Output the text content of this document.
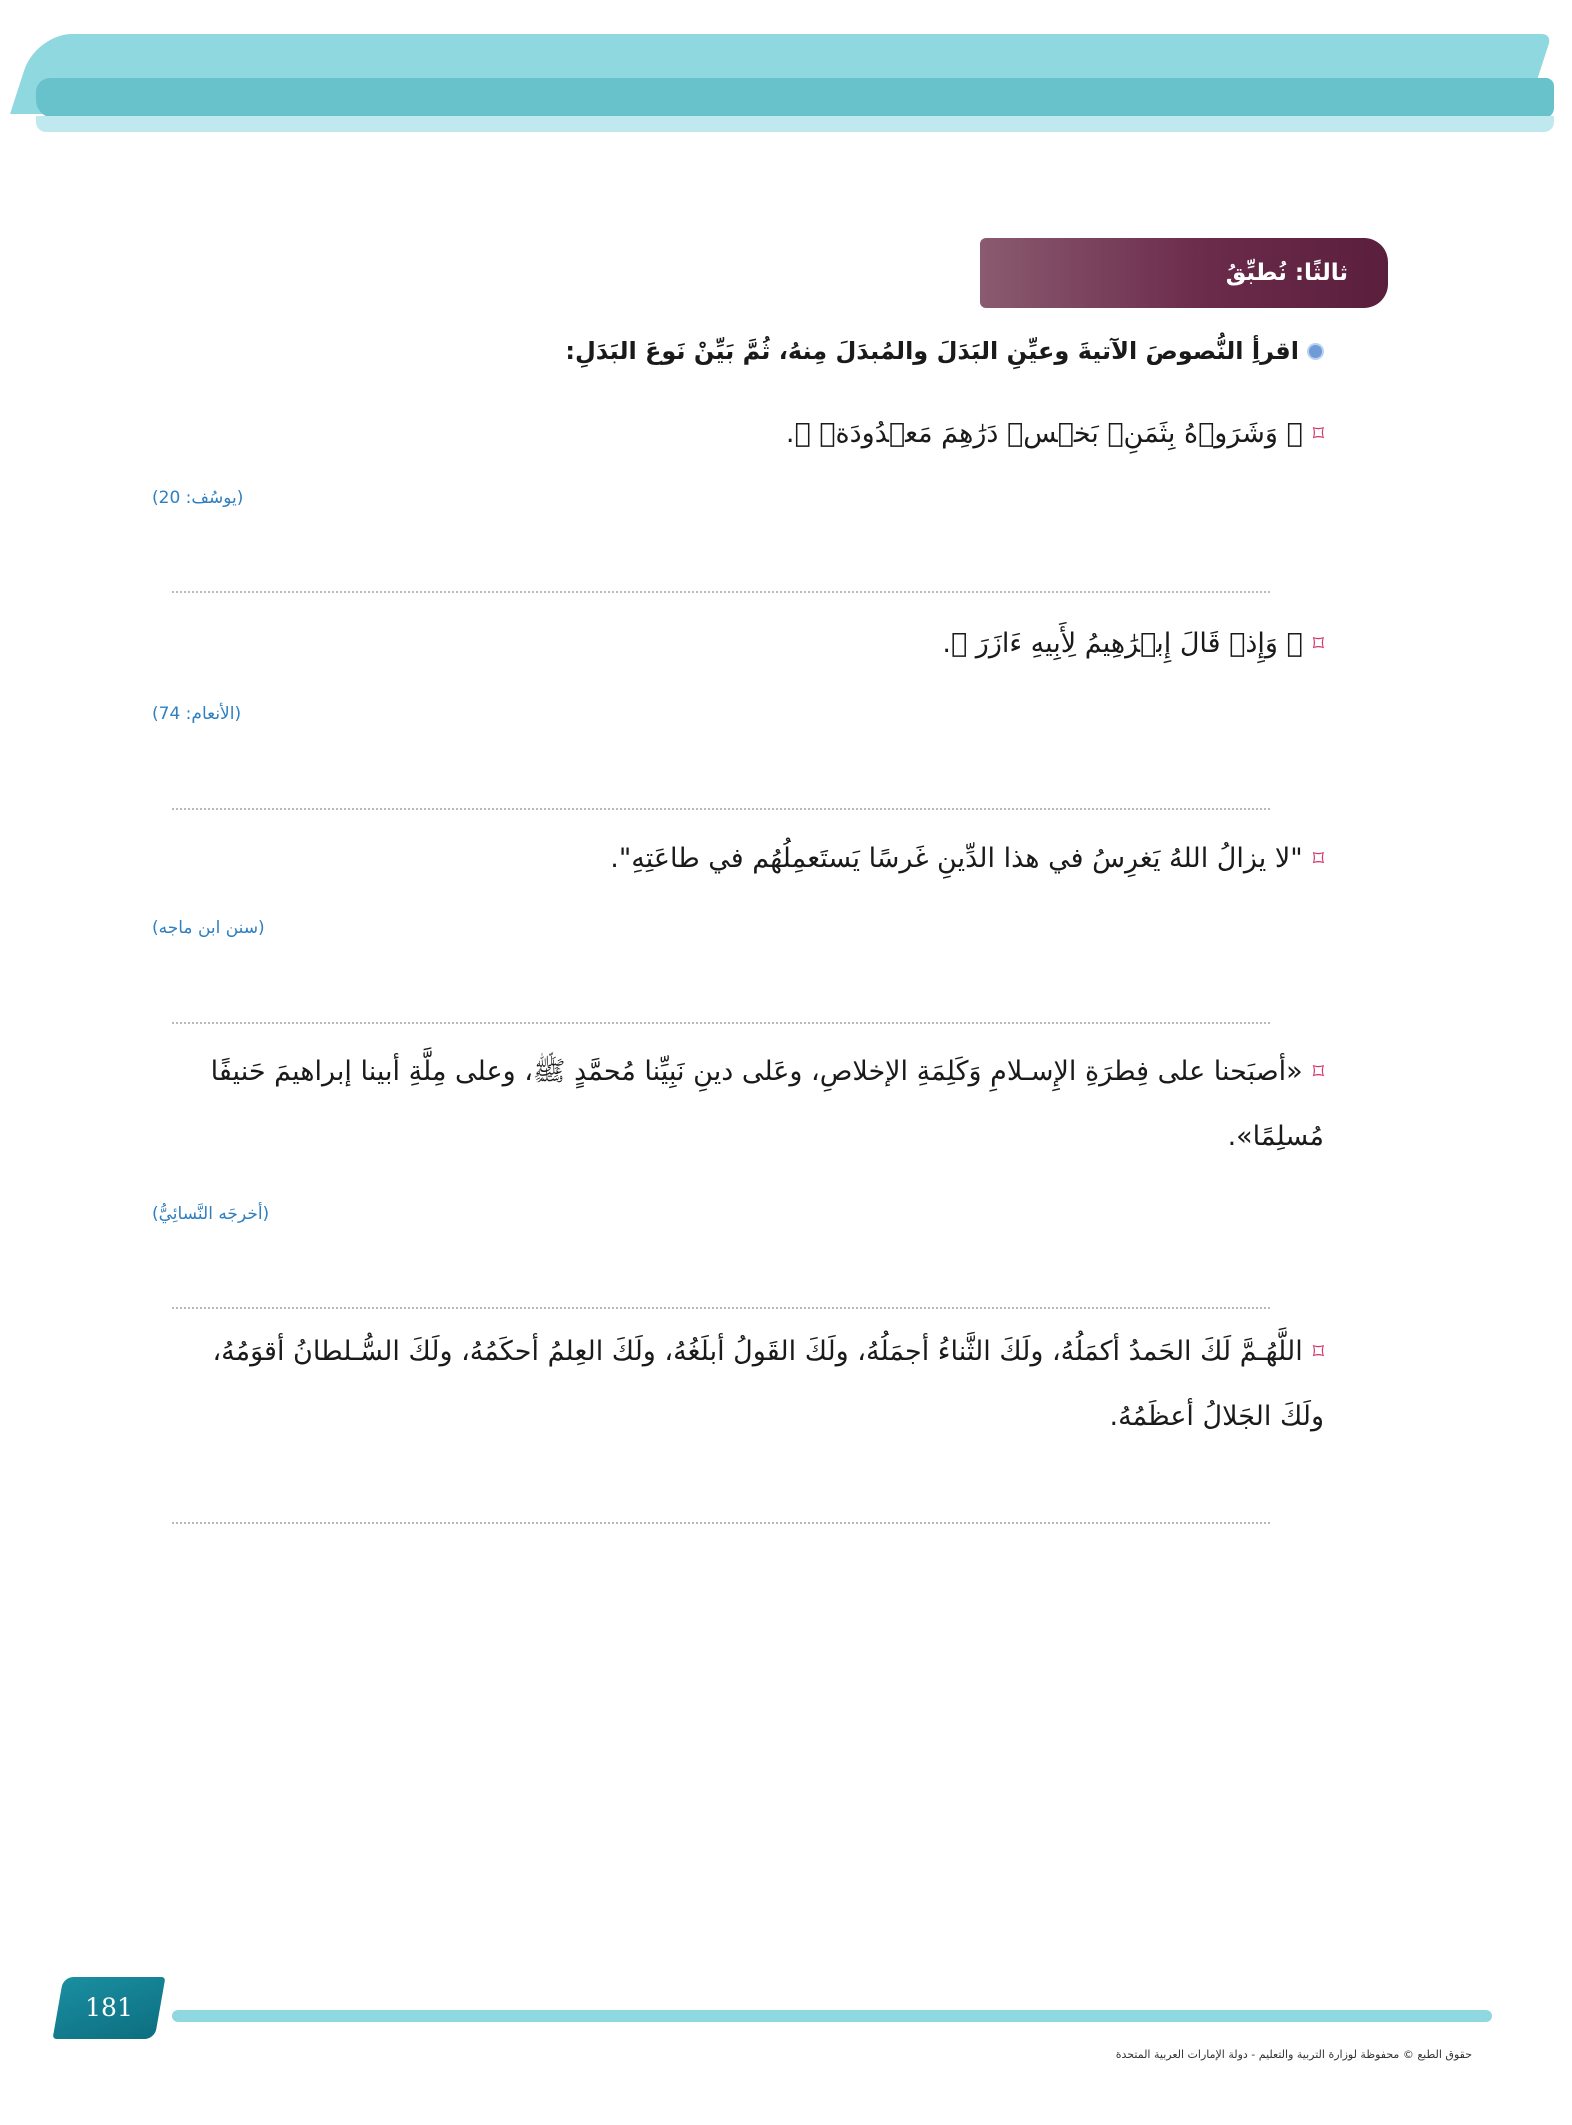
ثالثًا: نُطبِّقُ
اقرأِ النُّصوصَ الآتيةَ وعيِّنِ البَدَلَ والمُبدَلَ مِنهُ، ثُمَّ بَيِّنْ نَوعَ البَدَلِ:
⌑﴿ وَشَرَوۡهُ بِثَمَنِۭ بَخۡسٖ دَرَٰهِمَ مَعۡدُودَةٖ ﴾.
(يوسُف: 20)
⌑﴿ وَإِذۡ قَالَ إِبۡرَٰهِيمُ لِأَبِيهِ ءَازَرَ ﴾.
(الأنعام: 74)
⌑"لا يزالُ اللهُ يَغرِسُ في هذا الدِّينِ غَرسًا يَستَعمِلُهُم في طاعَتِهِ".
(سنن ابن ماجه)
⌑«أصبَحنا على فِطرَةِ الإِسـلامِ وَكَلِمَةِ الإخلاصِ، وعَلى دينِ نَبِيِّنا مُحمَّدٍ ﷺ، وعلى مِلَّةِ أبينا إبراهيمَ حَنيفًا مُسلِمًا».
(أخرجَه النَّسائِيُّ)
⌑اللَّهُـمَّ لَكَ الحَمدُ أكمَلُهُ، ولَكَ الثَّناءُ أجمَلُهُ، ولَكَ القَولُ أبلَغُهُ، ولَكَ العِلمُ أحكَمُهُ، ولَكَ السُّـلطانُ أقوَمُهُ، ولَكَ الجَلالُ أعظَمُهُ.
181
حقوق الطبع © محفوظة لوزارة التربية والتعليم - دولة الإمارات العربية المتحدة
